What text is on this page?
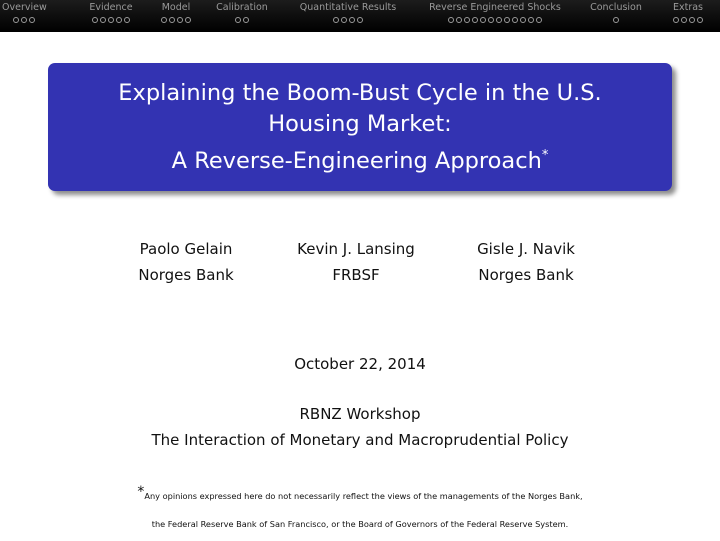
Overview	Evidence	Model	Calibration	Quantitative Results	Reverse Engineered Shocks	Conclusion	Extras
Explaining the Boom-Bust Cycle in the U.S.
Housing Market:
A Reverse-Engineering Approach*
Paolo Gelain
Norges Bank
Kevin J. Lansing
FRBSF
Gisle J. Navik
Norges Bank
October 22, 2014
RBNZ Workshop
The Interaction of Monetary and Macroprudential Policy
*Any opinions expressed here do not necessarily reflect the views of the managements of the Norges Bank,
the Federal Reserve Bank of San Francisco, or the Board of Governors of the Federal Reserve System.
